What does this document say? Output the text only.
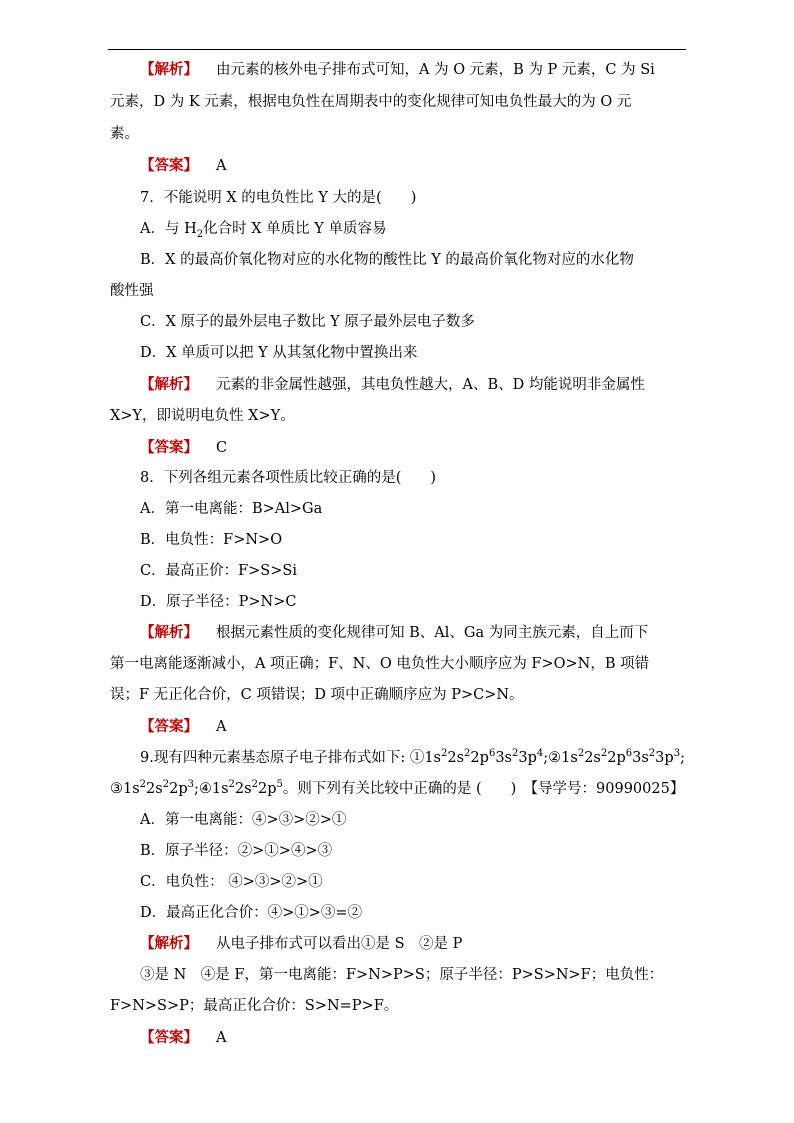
【解析】 由元素的核外电子排布式可知，A 为 O 元素，B 为 P 元素，C 为 Si
元素，D 为 K 元素，根据电负性在周期表中的变化规律可知电负性最大的为 O 元
素。
【答案】 A
7．不能说明 X 的电负性比 Y 大的是(　　)
A．与 $H_2$化合时 X 单质比 Y 单质容易
B．X 的最高价氧化物对应的水化物的酸性比 Y 的最高价氧化物对应的水化物
酸性强
C．X 原子的最外层电子数比 Y 原子最外层电子数多
D．X 单质可以把 Y 从其氢化物中置换出来
【解析】 元素的非金属性越强，其电负性越大，A、B、D 均能说明非金属性
X>Y，即说明电负性 X>Y。
【答案】 C
8．下列各组元素各项性质比较正确的是(　　)
A．第一电离能：B>Al>Ga
B．电负性：F>N>O
C．最高正价：F>S>Si
D．原子半径：P>N>C
【解析】 根据元素性质的变化规律可知 B、Al、Ga 为同主族元素，自上而下
第一电离能逐渐减小，A 项正确；F、N、O 电负性大小顺序应为 F>O>N，B 项错
误；F 无正化合价，C 项错误；D 项中正确顺序应为 P>C>N。
【答案】 A
9.现有四种元素基态原子电子排布式如下: $①1s^22s^22p^63s^23p^4;②1s^22s^22p^63s^23p^3$;
$③1s^22s^22p^3;④1s^22s^22p^5$。则下列有关比较中正确的是 (　　)　【导学号：90990025】
A．第一电离能：④>③>②>①
B．原子半径：②>①>④>③
C．电负性： ④>③>②>①
D．最高正化合价：④>①>③=②
【解析】 从电子排布式可以看出①是 S　②是 P
③是 N　④是 F，第一电离能：F>N>P>S；原子半径：P>S>N>F；电负性：
F>N>S>P；最高正化合价：S>N=P>F。
【答案】 A
